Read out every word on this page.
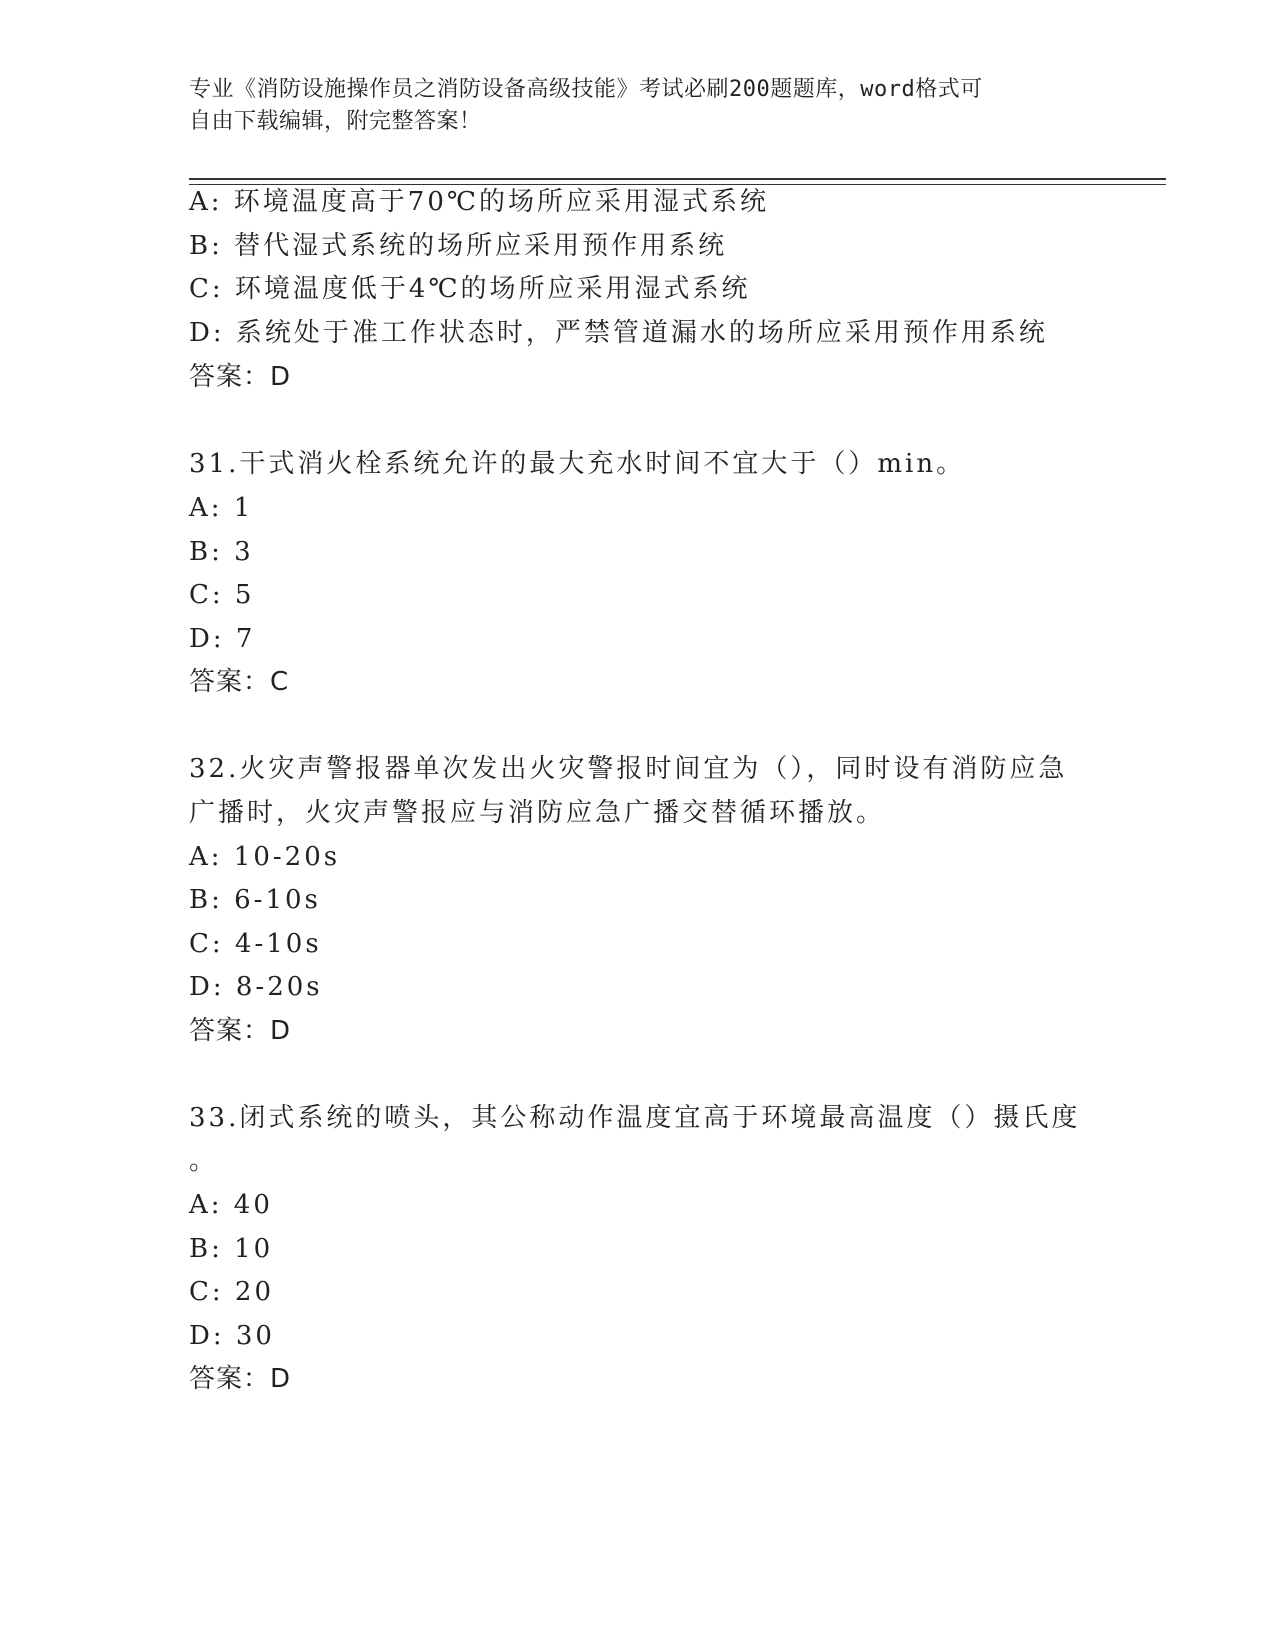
专业《消防设施操作员之消防设备高级技能》考试必刷200题题库，word格式可
自由下载编辑，附完整答案！
A: 环境温度高于70℃的场所应采用湿式系统
B: 替代湿式系统的场所应采用预作用系统
C: 环境温度低于4℃的场所应采用湿式系统
D: 系统处于准工作状态时，严禁管道漏水的场所应采用预作用系统
答案：D
31.干式消火栓系统允许的最大充水时间不宜大于（）min。
A: 1
B: 3
C: 5
D: 7
答案：C
32.火灾声警报器单次发出火灾警报时间宜为（），同时设有消防应急
广播时，火灾声警报应与消防应急广播交替循环播放。
A: 10-20s
B: 6-10s
C: 4-10s
D: 8-20s
答案：D
33.闭式系统的喷头，其公称动作温度宜高于环境最高温度（）摄氏度
。
A: 40
B: 10
C: 20
D: 30
答案：D
